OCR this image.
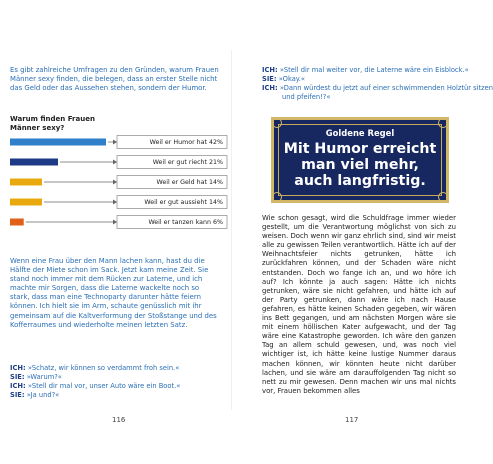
Es gibt zahlreiche Umfragen zu den Gründen, warum Frauen Männer sexy finden, die belegen, dass an erster Stelle nicht das Geld oder das Aussehen stehen, sondern der Humor.
Warum finden Frauen
Männer sexy?
Weil er Humor hat 42%
Weil er gut riecht 21%
Weil er Geld hat 14%
Weil er gut aussieht 14%
Weil er tanzen kann 6%
Wenn eine Frau über den Mann lachen kann, hast du die Hälfte der Miete schon im Sack. Jetzt kam meine Zeit. Sie stand noch immer mit dem Rücken zur Laterne, und ich machte mir Sorgen, dass die Laterne wackelte noch so stark, dass man eine Technoparty darunter hätte feiern können. Ich hielt sie im Arm, schaute genüsslich mit ihr gemeinsam auf die Kaltverformung der Stoßstange und des Kofferraumes und wiederholte meinen letzten Satz.
ICH: »Schatz, wir können so verdammt froh sein.«
SIE: »Warum?«
ICH: »Stell dir mal vor, unser Auto wäre ein Boot.«
SIE: »Ja und?«
116
ICH: »Stell dir mal weiter vor, die Laterne wäre ein Eisblock.«
SIE: »Okay.«
ICH: »Dann würdest du jetzt auf einer schwimmenden Holztür sitzen
und pfeifen!?«
Goldene Regel
Mit Humor erreicht man viel mehr, auch langfristig.
Wie schon gesagt, wird die Schuldfrage immer wieder gestellt, um die Verantwortung möglichst von sich zu weisen. Doch wenn wir ganz ehrlich sind, sind wir meist alle zu gewissen Teilen verantwortlich. Hätte ich auf der Weihnachtsfeier nichts getrunken, hätte ich zurückfahren können, und der Schaden wäre nicht entstanden. Doch wo fange ich an, und wo höre ich auf? Ich könnte ja auch sagen: Hätte ich nichts getrunken, wäre sie nicht gefahren, und hätte ich auf der Party getrunken, dann wäre ich nach Hause gefahren, es hätte keinen Schaden gegeben, wir wären ins Bett gegangen, und am nächsten Morgen wäre sie mit einem höllischen Kater aufgewacht, und der Tag wäre eine Katastrophe geworden. Ich wäre den ganzen Tag an allem schuld gewesen, und, was noch viel wichtiger ist, ich hätte keine lustige Nummer daraus machen können, wir könnten heute nicht darüber lachen, und sie wäre am darauffolgenden Tag nicht so nett zu mir gewesen. Denn machen wir uns mal nichts vor, Frauen bekommen alles
117
